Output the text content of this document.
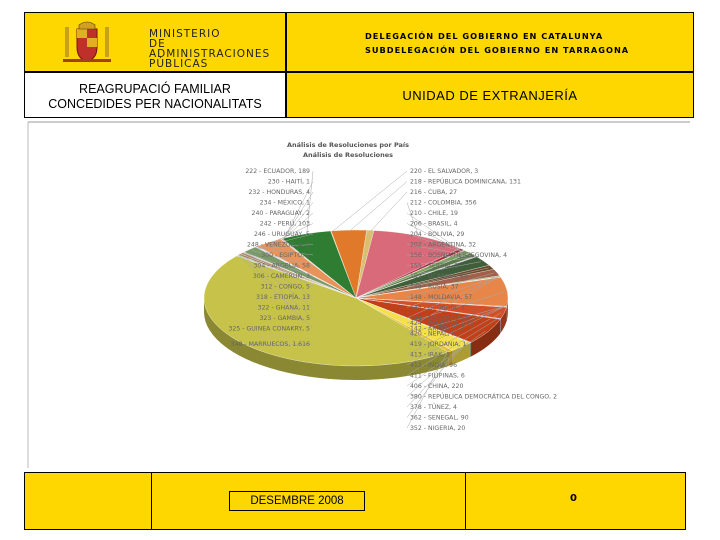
MINISTERIO
DE ADMINISTRACIONES
PÚBLICAS
DELEGACIÓN DEL GOBIERNO EN CATALUNYA
SUBDELEGACIÓN DEL GOBIERNO EN TARRAGONA
REAGRUPACIÓ FAMILIAR
CONCEDIDES PER NACIONALITATS
UNIDAD DE EXTRANJERÍA
Análisis de Resoluciones por País
Análisis de Resoluciones
222 - ECUADOR, 189
230 - HAITÍ, 1
232 - HONDURAS, 4
234 - MÉXICO, 1
240 - PARAGUAY, 2
242 - PERÚ, 103
246 - URUGUAY, 5
248 - VENEZUELA, 3
300 - EGIPTO, 2
304 - ARGELIA, 58
306 - CAMERÚN, 3
312 - CONGO, 5
318 - ETIOPÍA, 13
322 - GHANA, 11
323 - GAMBIA, 5
325 - GUINEA CONAKRY, 5
348 - MARRUECOS, 1.616
220 - EL SALVADOR, 3
218 - REPÚBLICA DOMINICANA, 131
216 - CUBA, 27
212 - COLOMBIA, 356
210 - CHILE, 19
206 - BRASIL, 4
204 - BOLIVIA, 29
202 - ARGENTINA, 32
156 - BOSNIA-HERZEGOVINA, 4
155 - SERBIA, 3
152 - UCRANIA, 84
149 - RUSIA, 37
148 - MOLDAVIA, 57
145 - GEORGIA, 9
144 - BIELORRUSIA, 2
142 - ARMENIA, 2
424 - PAKISTÁN, 243
420 - NEPAL, 5
419 - JORDANIA, 1
413 - IRAK, 1
412 - INDIA, 96
411 - FILIPINAS, 6
406 - CHINA, 220
380 - REPÚBLICA DEMOCRÁTICA DEL CONGO, 2
378 - TÚNEZ, 4
362 - SENEGAL, 90
352 - NIGERIA, 20
DESEMBRE 2008	0
